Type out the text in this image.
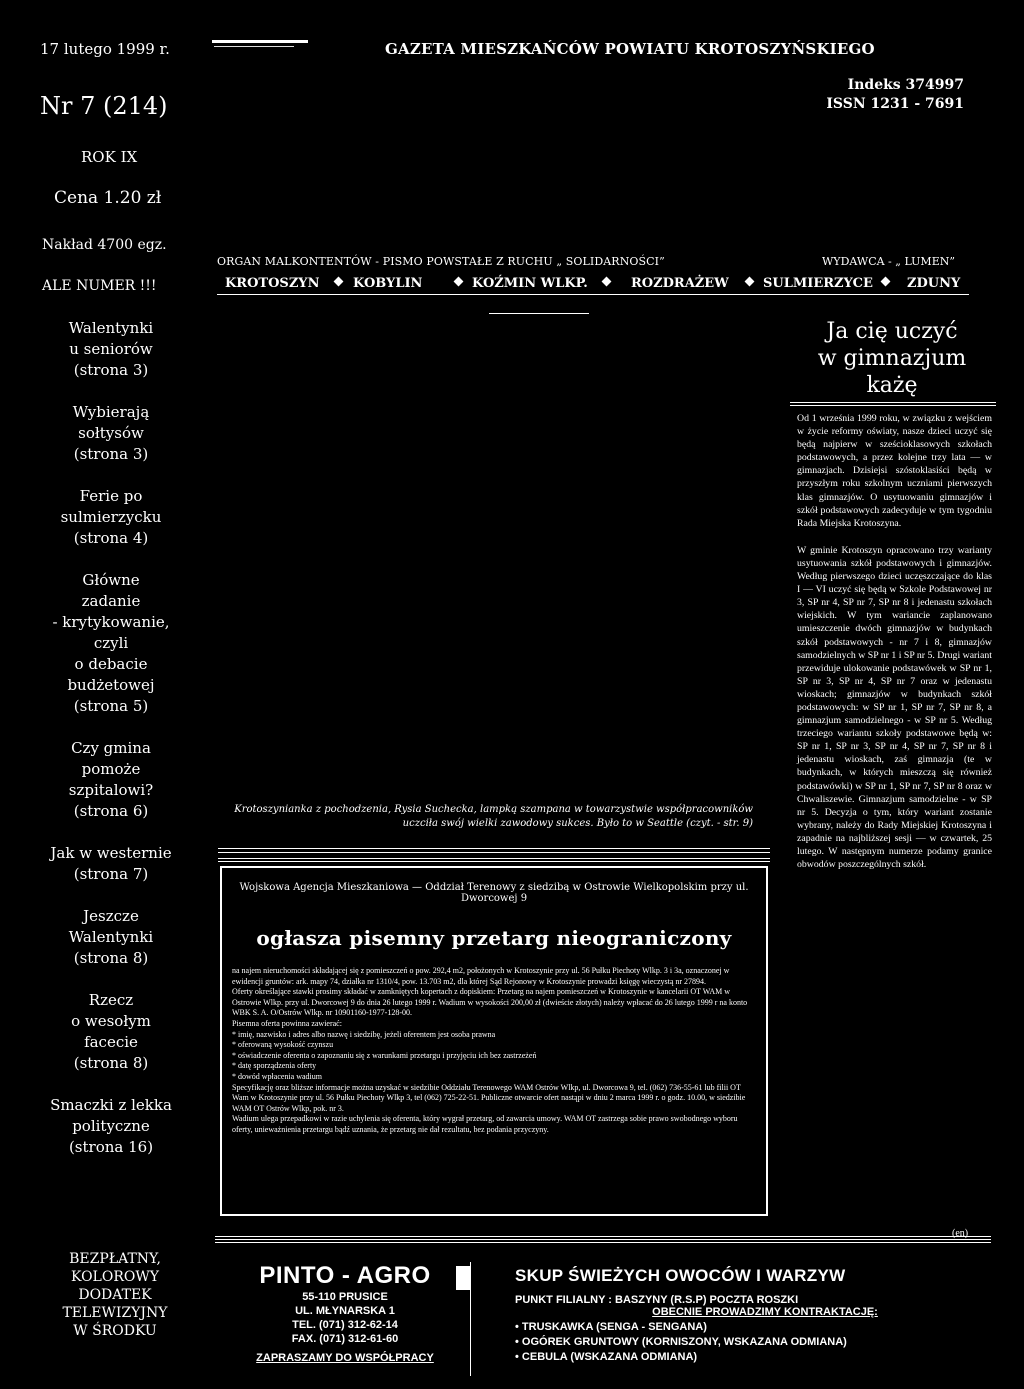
17 lutego 1999 r.	GAZETA MIESZKAŃCÓW POWIATU KROTOSZYŃSKIEGO
Nr 7 (214)
Indeks 374997
ISSN 1231 - 7691
ROK IX
Cena 1.20 zł
Nakład 4700 egz.
ALE NUMER !!!
ORGAN MALKONTENTÓW - PISMO POWSTAŁE Z RUCHU „ SOLIDARNOŚCI”	WYDAWCA - „ LUMEN”
KROTOSZYN	KOBYLIN	KOŹMIN WLKP.	ROZDRAŻEW	SULMIERZYCE	ZDUNY
Walentynki
u seniorów
(strona 3)
Wybierają
sołtysów
(strona 3)
Ferie po
sulmierzycku
(strona 4)
Główne
zadanie
- krytykowanie,
czyli
o debacie
budżetowej
(strona 5)
Czy gmina
pomoże
szpitalowi?
(strona 6)
Jak w westernie
(strona 7)
Jeszcze
Walentynki
(strona 8)
Rzecz
o wesołym
facecie
(strona 8)
Smaczki z lekka
polityczne
(strona 16)
Krotoszynianka z pochodzenia, Rysia Suchecka, lampką szampana w towarzystwie współpracowników uczciła swój wielki zawodowy sukces. Było to w Seattle (czyt. - str. 9)
Wojskowa Agencja Mieszkaniowa — Oddział Terenowy z siedzibą w Ostrowie Wielkopolskim przy ul. Dworcowej 9
ogłasza pisemny przetarg nieograniczony
na najem nieruchomości składającej się z pomieszczeń o pow. 292,4 m2, położonych w Krotoszynie przy ul. 56 Pułku Piechoty Wlkp. 3 i 3a, oznaczonej w ewidencji gruntów: ark. mapy 74, działka nr 1310/4, pow. 13.703 m2, dla której Sąd Rejonowy w Krotoszynie prowadzi księgę wieczystą nr 27894.
Oferty określające stawki prosimy składać w zamkniętych kopertach z dopiskiem: Przetarg na najem pomieszczeń w Krotoszynie w kancelarii OT WAM w Ostrowie Wlkp. przy ul. Dworcowej 9 do dnia 26 lutego 1999 r. Wadium w wysokości 200,00 zł (dwieście złotych) należy wpłacać do 26 lutego 1999 r na konto WBK S. A. O/Ostrów Wlkp. nr 10901160-1977-128-00.
Pisemna oferta powinna zawierać:
* imię, nazwisko i adres albo nazwę i siedzibę, jeżeli oferentem jest osoba prawna
* oferowaną wysokość czynszu
* oświadczenie oferenta o zapoznaniu się z warunkami przetargu i przyjęciu ich bez zastrzeżeń
* datę sporządzenia oferty
* dowód wpłacenia wadium
Specyfikację oraz bliższe informacje można uzyskać w siedzibie Oddziału Terenowego WAM Ostrów Wlkp, ul. Dworcowa 9, tel. (062) 736-55-61 lub filii OT Wam w Krotoszynie przy ul. 56 Pułku Piechoty Wlkp 3, tel (062) 725-22-51. Publiczne otwarcie ofert nastąpi w dniu 2 marca 1999 r. o godz. 10.00, w siedzibie WAM OT Ostrów Wlkp, pok. nr 3.
Wadium ulega przepadkowi w razie uchylenia się oferenta, który wygrał przetarg, od zawarcia umowy. WAM OT zastrzega sobie prawo swobodnego wyboru oferty, unieważnienia przetargu bądź uznania, że przetarg nie dał rezultatu, bez podania przyczyny.
Ja cię uczyć
w gimnazjum
każę

Od 1 września 1999 roku, w związku z wejściem w życie reformy oświaty, nasze dzieci uczyć się będą najpierw w sześcioklasowych szkołach podstawowych, a przez kolejne trzy lata — w gimnazjach. Dzisiejsi szóstoklasiści będą w przyszłym roku szkolnym uczniami pierwszych klas gimnazjów. O usytuowaniu gimnazjów i szkół podstawowych zadecyduje w tym tygodniu Rada Miejska Krotoszyna.

W gminie Krotoszyn opracowano trzy warianty usytuowania szkół podstawowych i gimnazjów. Według pierwszego dzieci uczęszczające do klas I — VI uczyć się będą w Szkole Podstawowej nr 3, SP nr 4, SP nr 7, SP nr 8 i jedenastu szkołach wiejskich. W tym wariancie zaplanowano umieszczenie dwóch gimnazjów w budynkach szkół podstawowych - nr 7 i 8, gimnazjów samodzielnych w SP nr 1 i SP nr 5. Drugi wariant przewiduje ulokowanie podstawówek w SP nr 1, SP nr 3, SP nr 4, SP nr 7 oraz w jedenastu wioskach; gimnazjów w budynkach szkół podstawowych: w SP nr 1, SP nr 7, SP nr 8, a gimnazjum samodzielnego - w SP nr 5. Według trzeciego wariantu szkoły podstawowe będą w: SP nr 1, SP nr 3, SP nr 4, SP nr 7, SP nr 8 i jedenastu wioskach, zaś gimnazja (te w budynkach, w których mieszczą się również podstawówki) w SP nr 1, SP nr 7, SP nr 8 oraz w Chwaliszewie. Gimnazjum samodzielne - w SP nr 5. Decyzja o tym, który wariant zostanie wybrany, należy do Rady Miejskiej Krotoszyna i zapadnie na najbliższej sesji — w czwartek, 25 lutego. W następnym numerze podamy granice obwodów poszczególnych szkół.

(en)
BEZPŁATNY,
KOLOROWY
DODATEK
TELEWIZYJNY
W ŚRODKU
PINTO - AGRO
55-110 PRUSICE
UL. MŁYNARSKA 1
TEL. (071) 312-62-14
FAX. (071) 312-61-60
ZAPRASZAMY DO WSPÓŁPRACY
SKUP ŚWIEŻYCH OWOCÓW I WARZYW
PUNKT FILIALNY : BASZYNY (R.S.P) POCZTA ROSZKI
OBECNIE PROWADZIMY KONTRAKTACJĘ:
• TRUSKAWKA (SENGA - SENGANA)
• OGÓREK GRUNTOWY (KORNISZONY, WSKAZANA ODMIANA)
• CEBULA (WSKAZANA ODMIANA)
